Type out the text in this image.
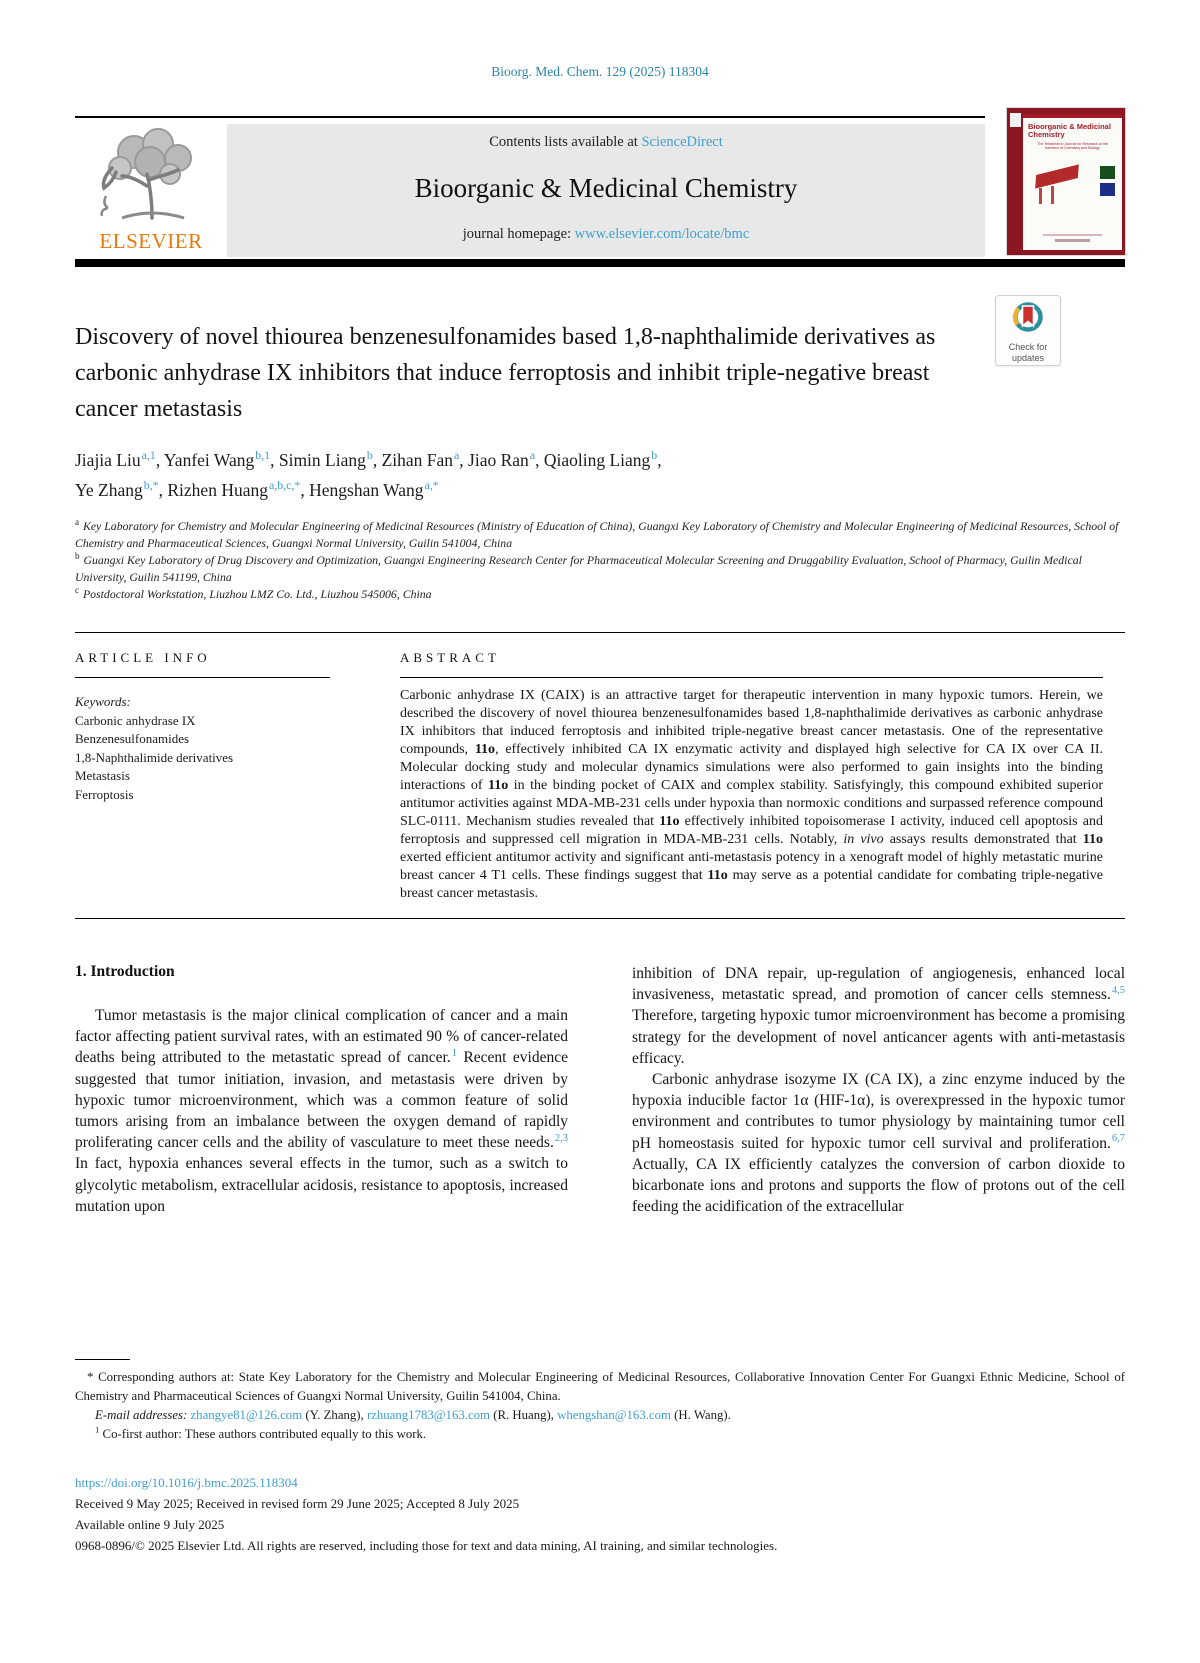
Bioorg. Med. Chem. 129 (2025) 118304
ELSEVIER
Contents lists available at ScienceDirect
Bioorganic & Medicinal Chemistry
journal homepage: www.elsevier.com/locate/bmc
Bioorganic & Medicinal Chemistry
The Tetrahedron Journal for Research at the Interface of Chemistry and Biology
Discovery of novel thiourea benzenesulfonamides based 1,8-naphthalimide derivatives as carbonic anhydrase IX inhibitors that induce ferroptosis and inhibit triple-negative breast cancer metastasis
Check for
updates
Jiajia Liu$^{a,1}$, Yanfei Wang$^{b,1}$, Simin Liang$^b$, Zihan Fan$^a$, Jiao Ran$^a$, Qiaoling Liang$^b$,
Ye Zhang$^{b,*}$, Rizhen Huang$^{a,b,c,*}$, Hengshan Wang$^{a,*}$
$^a$ Key Laboratory for Chemistry and Molecular Engineering of Medicinal Resources (Ministry of Education of China), Guangxi Key Laboratory of Chemistry and Molecular Engineering of Medicinal Resources, School of Chemistry and Pharmaceutical Sciences, Guangxi Normal University, Guilin 541004, China
$^b$ Guangxi Key Laboratory of Drug Discovery and Optimization, Guangxi Engineering Research Center for Pharmaceutical Molecular Screening and Druggability Evaluation, School of Pharmacy, Guilin Medical University, Guilin 541199, China
$^c$ Postdoctoral Workstation, Liuzhou LMZ Co. Ltd., Liuzhou 545006, China
ARTICLE INFO
Keywords:
Carbonic anhydrase IX
Benzenesulfonamides
1,8-Naphthalimide derivatives
Metastasis
Ferroptosis
ABSTRACT
Carbonic anhydrase IX (CAIX) is an attractive target for therapeutic intervention in many hypoxic tumors. Herein, we described the discovery of novel thiourea benzenesulfonamides based 1,8-naphthalimide derivatives as carbonic anhydrase IX inhibitors that induced ferroptosis and inhibited triple-negative breast cancer metastasis. One of the representative compounds, 11o, effectively inhibited CA IX enzymatic activity and displayed high selective for CA IX over CA II. Molecular docking study and molecular dynamics simulations were also performed to gain insights into the binding interactions of 11o in the binding pocket of CAIX and complex stability. Satisfyingly, this compound exhibited superior antitumor activities against MDA-MB-231 cells under hypoxia than normoxic conditions and surpassed reference compound SLC-0111. Mechanism studies revealed that 11o effectively inhibited topoisomerase I activity, induced cell apoptosis and ferroptosis and suppressed cell migration in MDA-MB-231 cells. Notably, in vivo assays results demonstrated that 11o exerted efficient antitumor activity and significant anti-metastasis potency in a xenograft model of highly metastatic murine breast cancer 4 T1 cells. These findings suggest that 11o may serve as a potential candidate for combating triple-negative breast cancer metastasis.
1. Introduction
Tumor metastasis is the major clinical complication of cancer and a main factor affecting patient survival rates, with an estimated 90 % of cancer-related deaths being attributed to the metastatic spread of cancer.$^1$ Recent evidence suggested that tumor initiation, invasion, and metastasis were driven by hypoxic tumor microenvironment, which was a common feature of solid tumors arising from an imbalance between the oxygen demand of rapidly proliferating cancer cells and the ability of vasculature to meet these needs.$^{2,3}$ In fact, hypoxia enhances several effects in the tumor, such as a switch to glycolytic metabolism, extracellular acidosis, resistance to apoptosis, increased mutation upon
inhibition of DNA repair, up-regulation of angiogenesis, enhanced local invasiveness, metastatic spread, and promotion of cancer cells stemness.$^{4,5}$ Therefore, targeting hypoxic tumor microenvironment has become a promising strategy for the development of novel anticancer agents with anti-metastasis efficacy.
Carbonic anhydrase isozyme IX (CA IX), a zinc enzyme induced by the hypoxia inducible factor 1α (HIF-1α), is overexpressed in the hypoxic tumor environment and contributes to tumor physiology by maintaining tumor cell pH homeostasis suited for hypoxic tumor cell survival and proliferation.$^{6,7}$ Actually, CA IX efficiently catalyzes the conversion of carbon dioxide to bicarbonate ions and protons and supports the flow of protons out of the cell feeding the acidification of the extracellular
* Corresponding authors at: State Key Laboratory for the Chemistry and Molecular Engineering of Medicinal Resources, Collaborative Innovation Center For Guangxi Ethnic Medicine, School of Chemistry and Pharmaceutical Sciences of Guangxi Normal University, Guilin 541004, China.
E-mail addresses: zhangye81@126.com (Y. Zhang), rzhuang1783@163.com (R. Huang), whengshan@163.com (H. Wang).
$^1$ Co-first author: These authors contributed equally to this work.
https://doi.org/10.1016/j.bmc.2025.118304
Received 9 May 2025; Received in revised form 29 June 2025; Accepted 8 July 2025
Available online 9 July 2025
0968-0896/© 2025 Elsevier Ltd. All rights are reserved, including those for text and data mining, AI training, and similar technologies.
